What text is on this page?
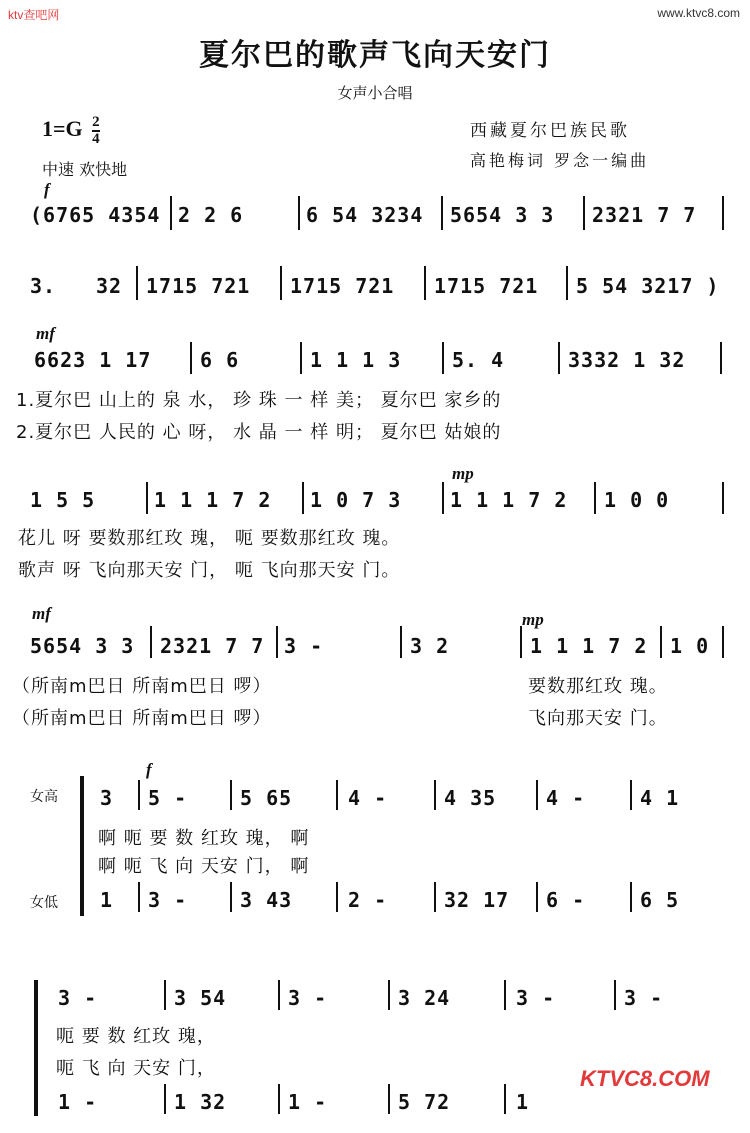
ktv查吧网	www.ktvc8.com
夏尔巴的歌声飞向天安门
女声小合唱
$1=G \frac{2}{4}$	西藏夏尔巴族民歌
高艳梅词 罗念一编曲
中速 欢快地
f
(6765 4354 2 2 6	6 54 3234 5654 3 3 2321 7 7
3. 32 1715 721 1715 721 1715 721 5 54 3217 )
mf
6623 1 17 6 6	1 1 1 3	5. 4	3332 1 32
1.夏尔巴 山上的 泉 水， 珍 珠 一 样 美； 夏尔巴 家乡的
2.夏尔巴 人民的 心 呀， 水 晶 一 样 明； 夏尔巴 姑娘的
mp
1 5 5	1 1 1 7 2 1 0 7 3 1 1 1 7 2 1 0 0
花儿 呀 要数那红玫 瑰， 呃 要数那红玫 瑰。
歌声 呀 飞向那天安 门， 呃 飞向那天安 门。
mf	mp
5654 3 3 2321 7 7 3 -	3 2	1 1 1 7 2 1 0
（所南m巴日 所南m巴日 啰）
（所南m巴日 所南m巴日 啰）
要数那红玫 瑰。
飞向那天安 门。
女高
女低
f
3 5 -	5 65	4 -	4 35 4 -	4 1
啊 呃 要 数 红玫 瑰， 啊
啊 呃 飞 向 天安 门， 啊
1 3 -	3 43	2 -	32 17 6 -	6 5
3 -	3 54	3 -	3 24	3 -	3 -
呃 要 数 红玫 瑰，
呃 飞 向 天安 门，
1 -	1 32	1 -	5 72	1
KTVC8.COM
